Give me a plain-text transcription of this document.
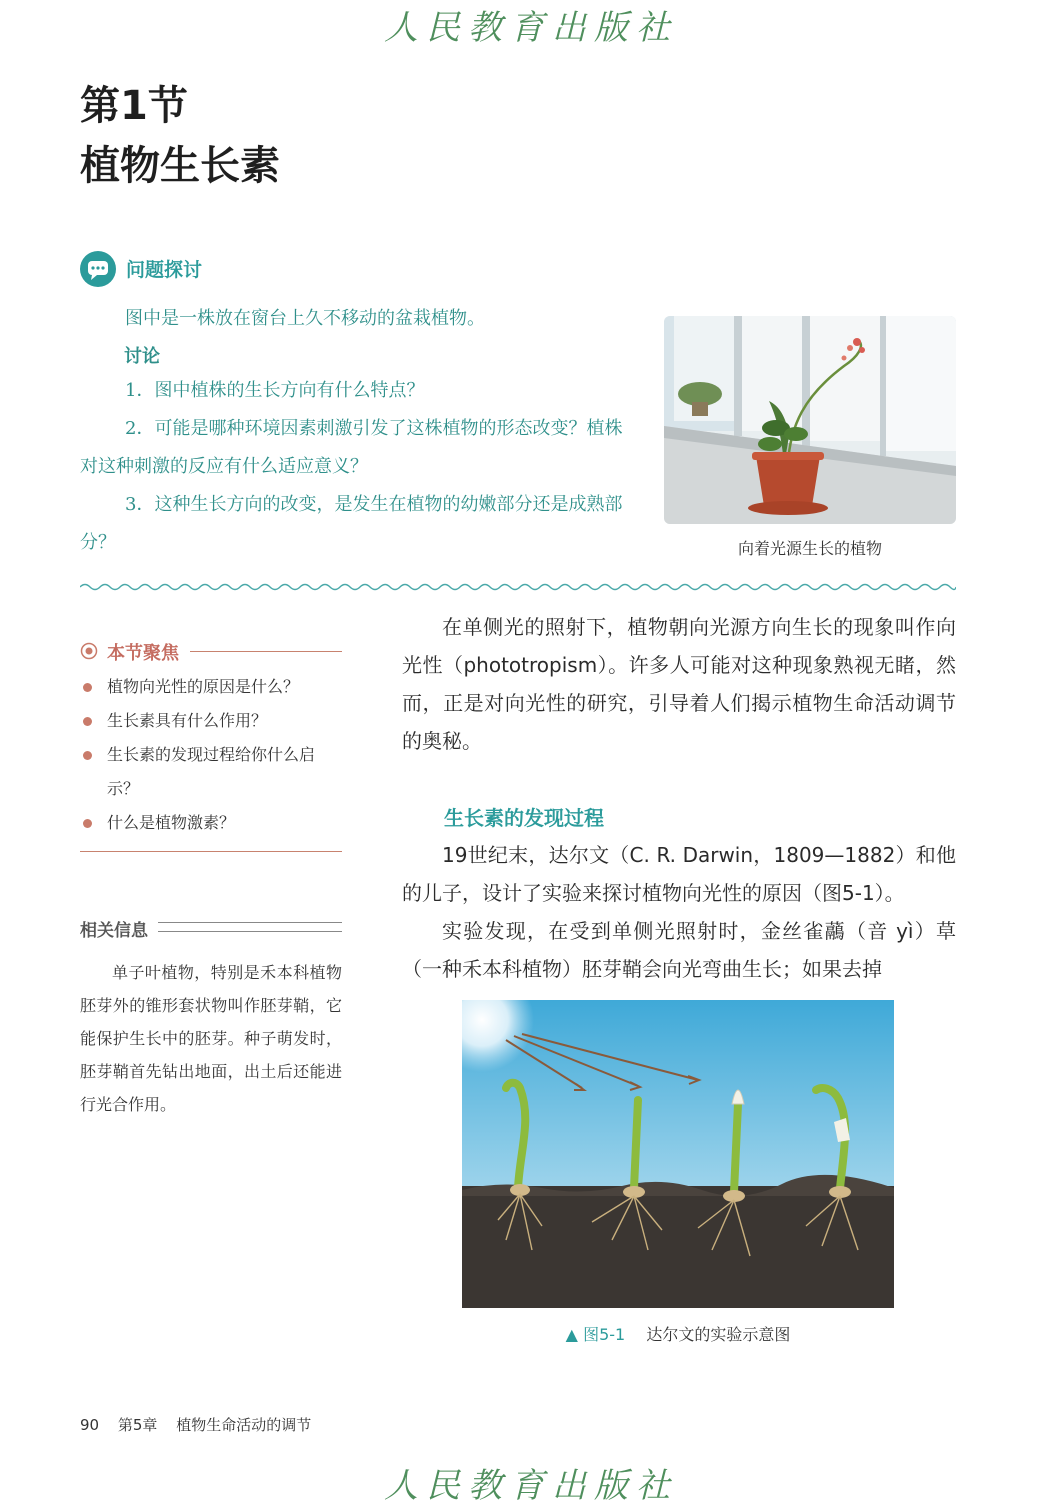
人民教育出版社
第1节
植物生长素
问题探讨
图中是一株放在窗台上久不移动的盆栽植物。
讨论
1．图中植株的生长方向有什么特点？
2．可能是哪种环境因素刺激引发了这株植物的形态改变？植株对这种刺激的反应有什么适应意义？
3．这种生长方向的改变，是发生在植物的幼嫩部分还是成熟部分？	向着光源生长的植物
本节聚焦
植物向光性的原因是什么？
生长素具有什么作用？
生长素的发现过程给你什么启示？
什么是植物激素？
相关信息
单子叶植物，特别是禾本科植物胚芽外的锥形套状物叫作胚芽鞘，它能保护生长中的胚芽。种子萌发时，胚芽鞘首先钻出地面，出土后还能进行光合作用。
在单侧光的照射下，植物朝向光源方向生长的现象叫作向光性（phototropism）。许多人可能对这种现象熟视无睹，然而，正是对向光性的研究，引导着人们揭示植物生命活动调节的奥秘。
生长素的发现过程
19世纪末，达尔文（C. R. Darwin，1809—1882）和他的儿子，设计了实验来探讨植物向光性的原因（图5-1）。
实验发现，在受到单侧光照射时，金丝雀虉（音 yì）草（一种禾本科植物）胚芽鞘会向光弯曲生长；如果去掉
▲ 图5-1 达尔文的实验示意图
90 第5章 植物生命活动的调节
人民教育出版社
